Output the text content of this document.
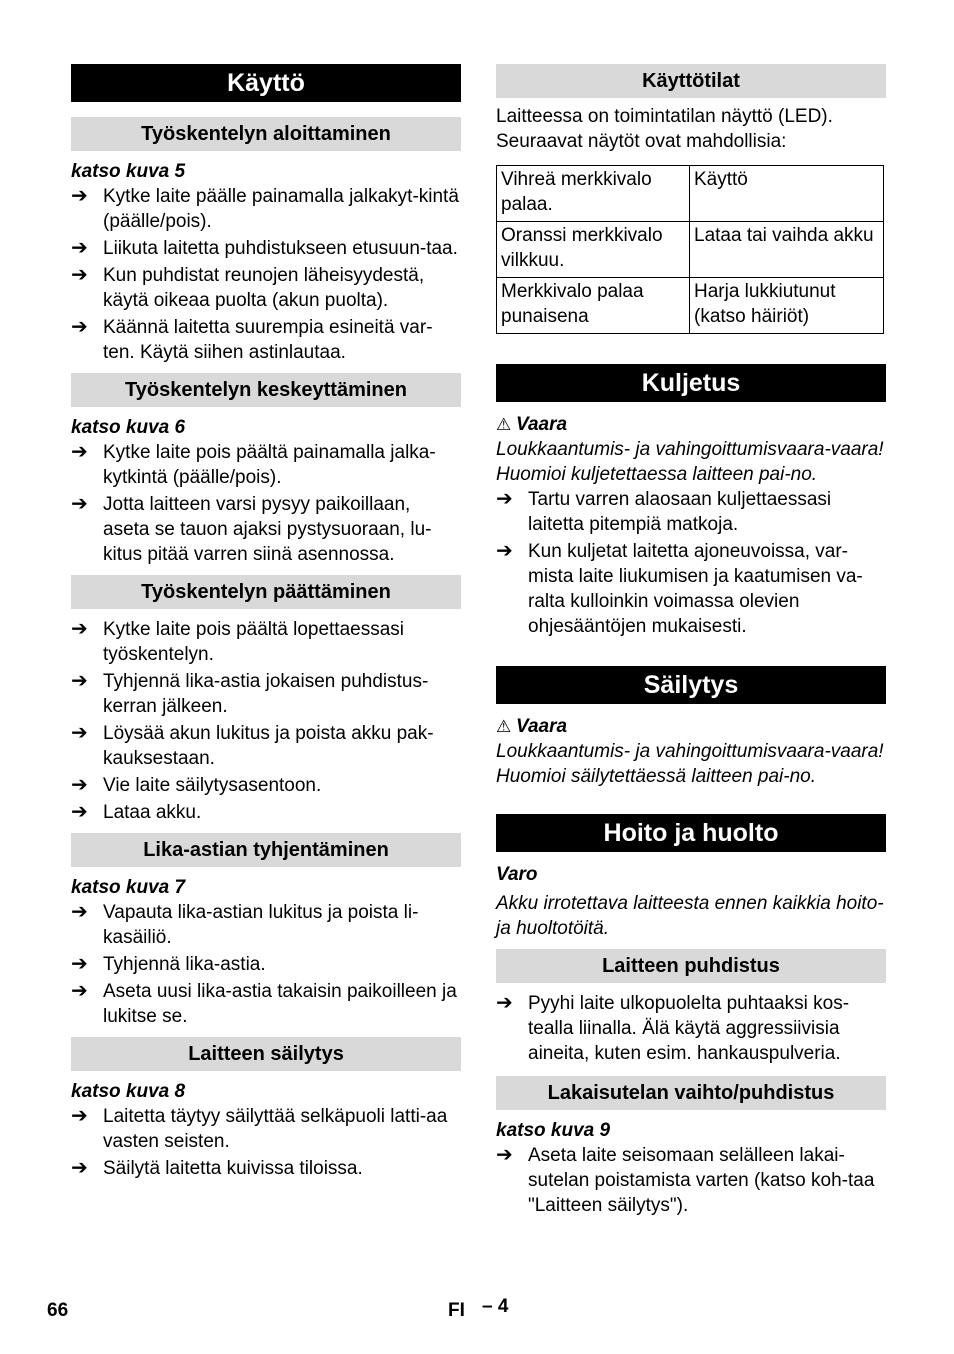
Käyttö
Työskentelyn aloittaminen

katso kuva 5

➔ Kytke laite päälle painamalla jalkakyt-kintä (päälle/pois).
➔ Liikuta laitetta puhdistukseen etusuun-taa.
➔ Kun puhdistat reunojen läheisyydestä, käytä oikeaa puolta (akun puolta).
➔ Käännä laitetta suurempia esineitä var-ten. Käytä siihen astinlautaa.
Työskentelyn keskeyttäminen

katso kuva 6

➔ Kytke laite pois päältä painamalla jalka-kytkintä (päälle/pois).
➔ Jotta laitteen varsi pysyy paikoillaan, aseta se tauon ajaksi pystysuoraan, lu-kitus pitää varren siinä asennossa.
Työskentelyn päättäminen
➔ Kytke laite pois päältä lopettaessasi työskentelyn.
➔ Tyhjennä lika-astia jokaisen puhdistus-kerran jälkeen.
➔ Löysää akun lukitus ja poista akku pak-kauksestaan.
➔ Vie laite säilytysasentoon.
➔ Lataa akku.
Lika-astian tyhjentäminen

katso kuva 7

➔ Vapauta lika-astian lukitus ja poista li-kasäiliö.
➔ Tyhjennä lika-astia.
➔ Aseta uusi lika-astia takaisin paikoilleen ja lukitse se.
Laitteen säilytys

katso kuva 8

➔ Laitetta täytyy säilyttää selkäpuoli latti-aa vasten seisten.
➔ Säilytä laitetta kuivissa tiloissa.
Käyttötilat

Laitteessa on toimintatilan näyttö (LED). Seuraavat näytöt ovat mahdollisia:

Vihreä merkkivalo palaa.	Käyttö
Oranssi merkkivalo vilkkuu.	Lataa tai vaihda akku
Merkkivalo palaa punaisena	Harja lukkiutunut (katso häiriöt)
Kuljetus

⚠ Vaara

Loukkaantumis- ja vahingoittumisvaara-vaara! Huomioi kuljetettaessa laitteen pai-no.

➔ Tartu varren alaosaan kuljettaessasi laitetta pitempiä matkoja.
➔ Kun kuljetat laitetta ajoneuvoissa, var-mista laite liukumisen ja kaatumisen va-ralta kulloinkin voimassa olevien ohjesääntöjen mukaisesti.
Säilytys

⚠ Vaara

Loukkaantumis- ja vahingoittumisvaara-vaara! Huomioi säilytettäessä laitteen pai-no.

Hoito ja huolto

Varo

Akku irrotettava laitteesta ennen kaikkia hoito- ja huoltotöitä.

Laitteen puhdistus
➔ Pyyhi laite ulkopuolelta puhtaaksi kos-tealla liinalla. Älä käytä aggressiivisia aineita, kuten esim. hankauspulveria.
Lakaisutelan vaihto/puhdistus

katso kuva 9

➔ Aseta laite seisomaan selälleen lakai-sutelan poistamista varten (katso koh-taa "Laitteen säilytys").
66	FI – 4
